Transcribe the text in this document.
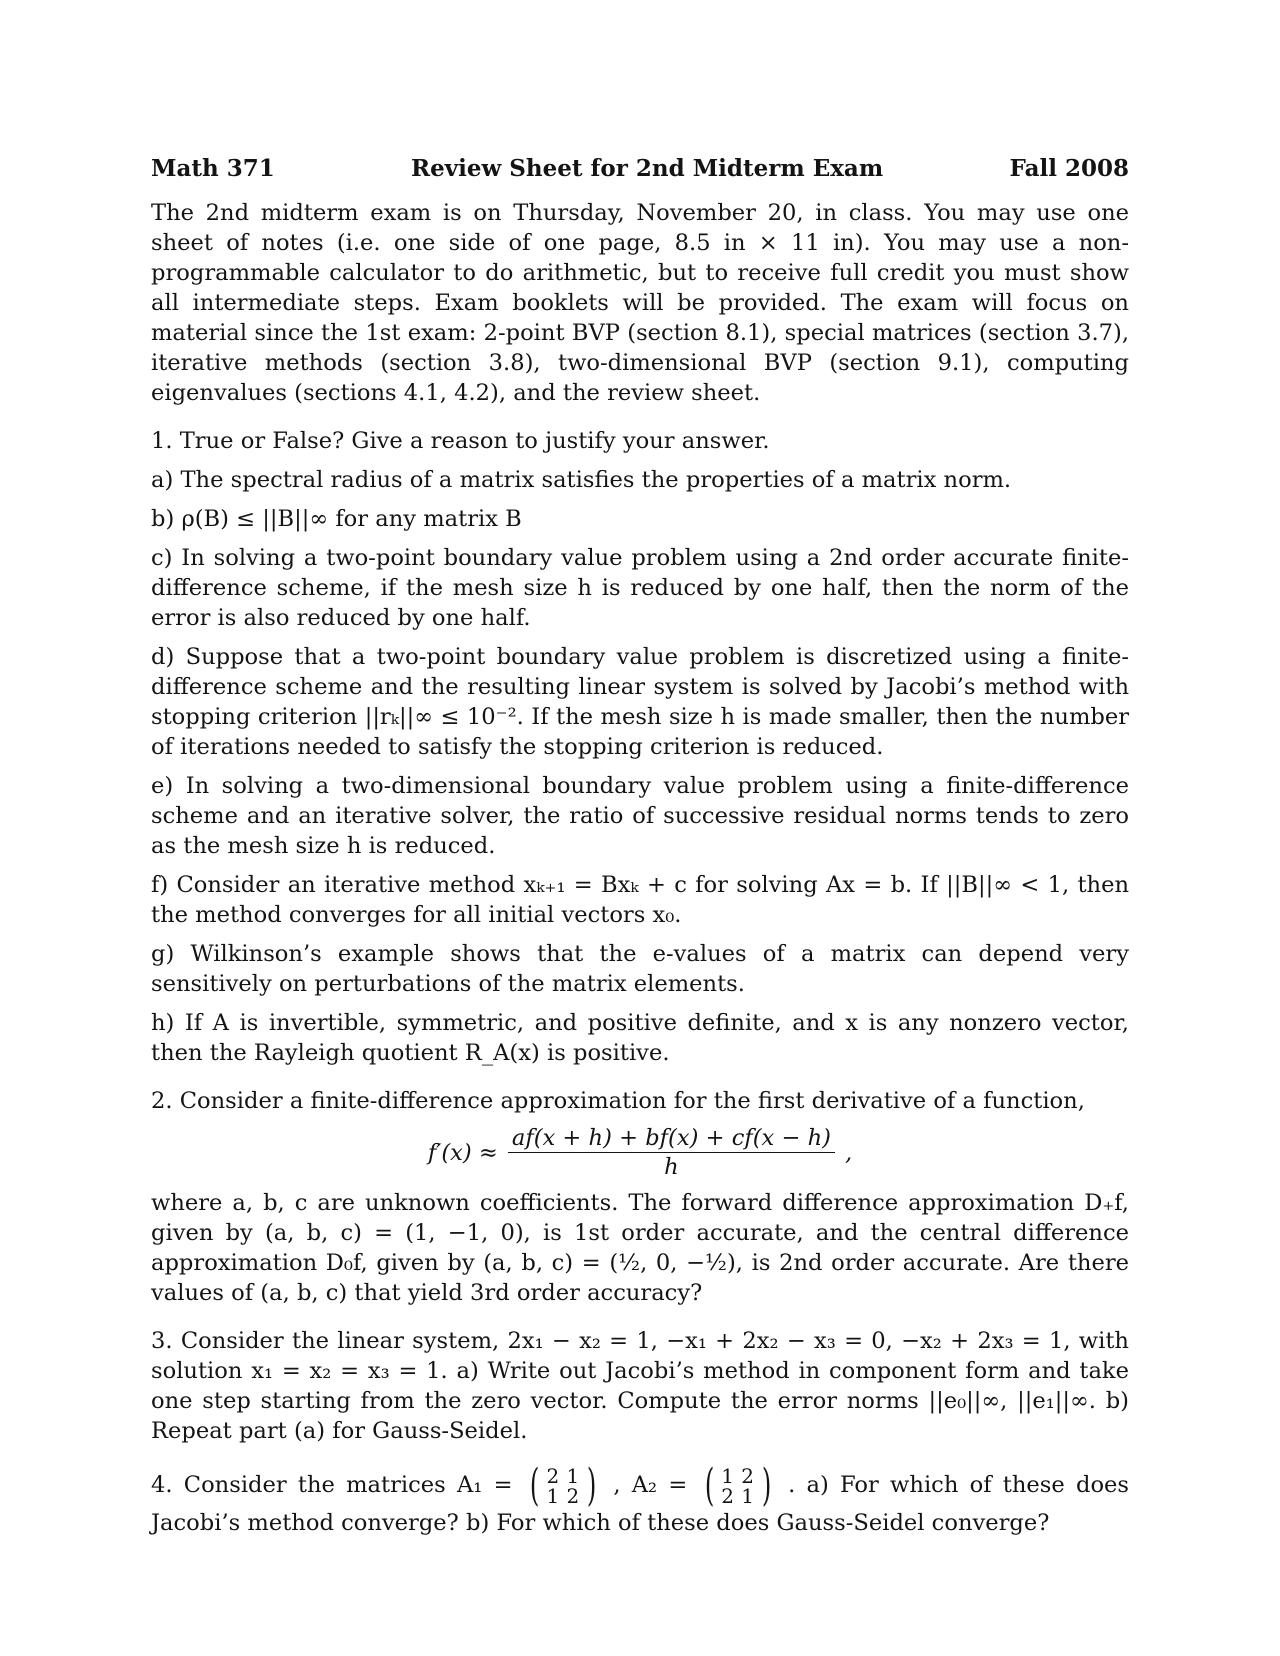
Math 371	Review Sheet for 2nd Midterm Exam	Fall 2008

The 2nd midterm exam is on Thursday, November 20, in class. You may use one sheet of notes (i.e. one side of one page, 8.5 in × 11 in). You may use a non-programmable calculator to do arithmetic, but to receive full credit you must show all intermediate steps. Exam booklets will be provided. The exam will focus on material since the 1st exam: 2-point BVP (section 8.1), special matrices (section 3.7), iterative methods (section 3.8), two-dimensional BVP (section 9.1), computing eigenvalues (sections 4.1, 4.2), and the review sheet.

1. True or False? Give a reason to justify your answer.

a) The spectral radius of a matrix satisfies the properties of a matrix norm.

b) ρ(B) ≤ ||B||∞ for any matrix B

c) In solving a two-point boundary value problem using a 2nd order accurate finite-difference scheme, if the mesh size h is reduced by one half, then the norm of the error is also reduced by one half.

d) Suppose that a two-point boundary value problem is discretized using a finite-difference scheme and the resulting linear system is solved by Jacobi’s method with stopping criterion ||rₖ||∞ ≤ 10⁻². If the mesh size h is made smaller, then the number of iterations needed to satisfy the stopping criterion is reduced.

e) In solving a two-dimensional boundary value problem using a finite-difference scheme and an iterative solver, the ratio of successive residual norms tends to zero as the mesh size h is reduced.

f) Consider an iterative method xₖ₊₁ = Bxₖ + c for solving Ax = b. If ||B||∞ < 1, then the method converges for all initial vectors x₀.

g) Wilkinson’s example shows that the e-values of a matrix can depend very sensitively on perturbations of the matrix elements.

h) If A is invertible, symmetric, and positive definite, and x is any nonzero vector, then the Rayleigh quotient R_A(x) is positive.

2. Consider a finite-difference approximation for the first derivative of a function,

$f'(x) \approx \frac{af(x + h) + bf(x) + cf(x - h)}{h}$ ,

where a, b, c are unknown coefficients. The forward difference approximation D₊f, given by (a, b, c) = (1, −1, 0), is 1st order accurate, and the central difference approximation D₀f, given by (a, b, c) = (½, 0, −½), is 2nd order accurate. Are there values of (a, b, c) that yield 3rd order accuracy?

3. Consider the linear system, 2x₁ − x₂ = 1, −x₁ + 2x₂ − x₃ = 0, −x₂ + 2x₃ = 1, with solution x₁ = x₂ = x₃ = 1. a) Write out Jacobi’s method in component form and take one step starting from the zero vector. Compute the error norms ||e₀||∞, ||e₁||∞. b) Repeat part (a) for Gauss-Seidel.

4. Consider the matrices A₁ = ( 2 1
1 2 ) , A₂ = ( 1 2
2 1 ) . a) For which of these does Jacobi’s method converge? b) For which of these does Gauss-Seidel converge?
